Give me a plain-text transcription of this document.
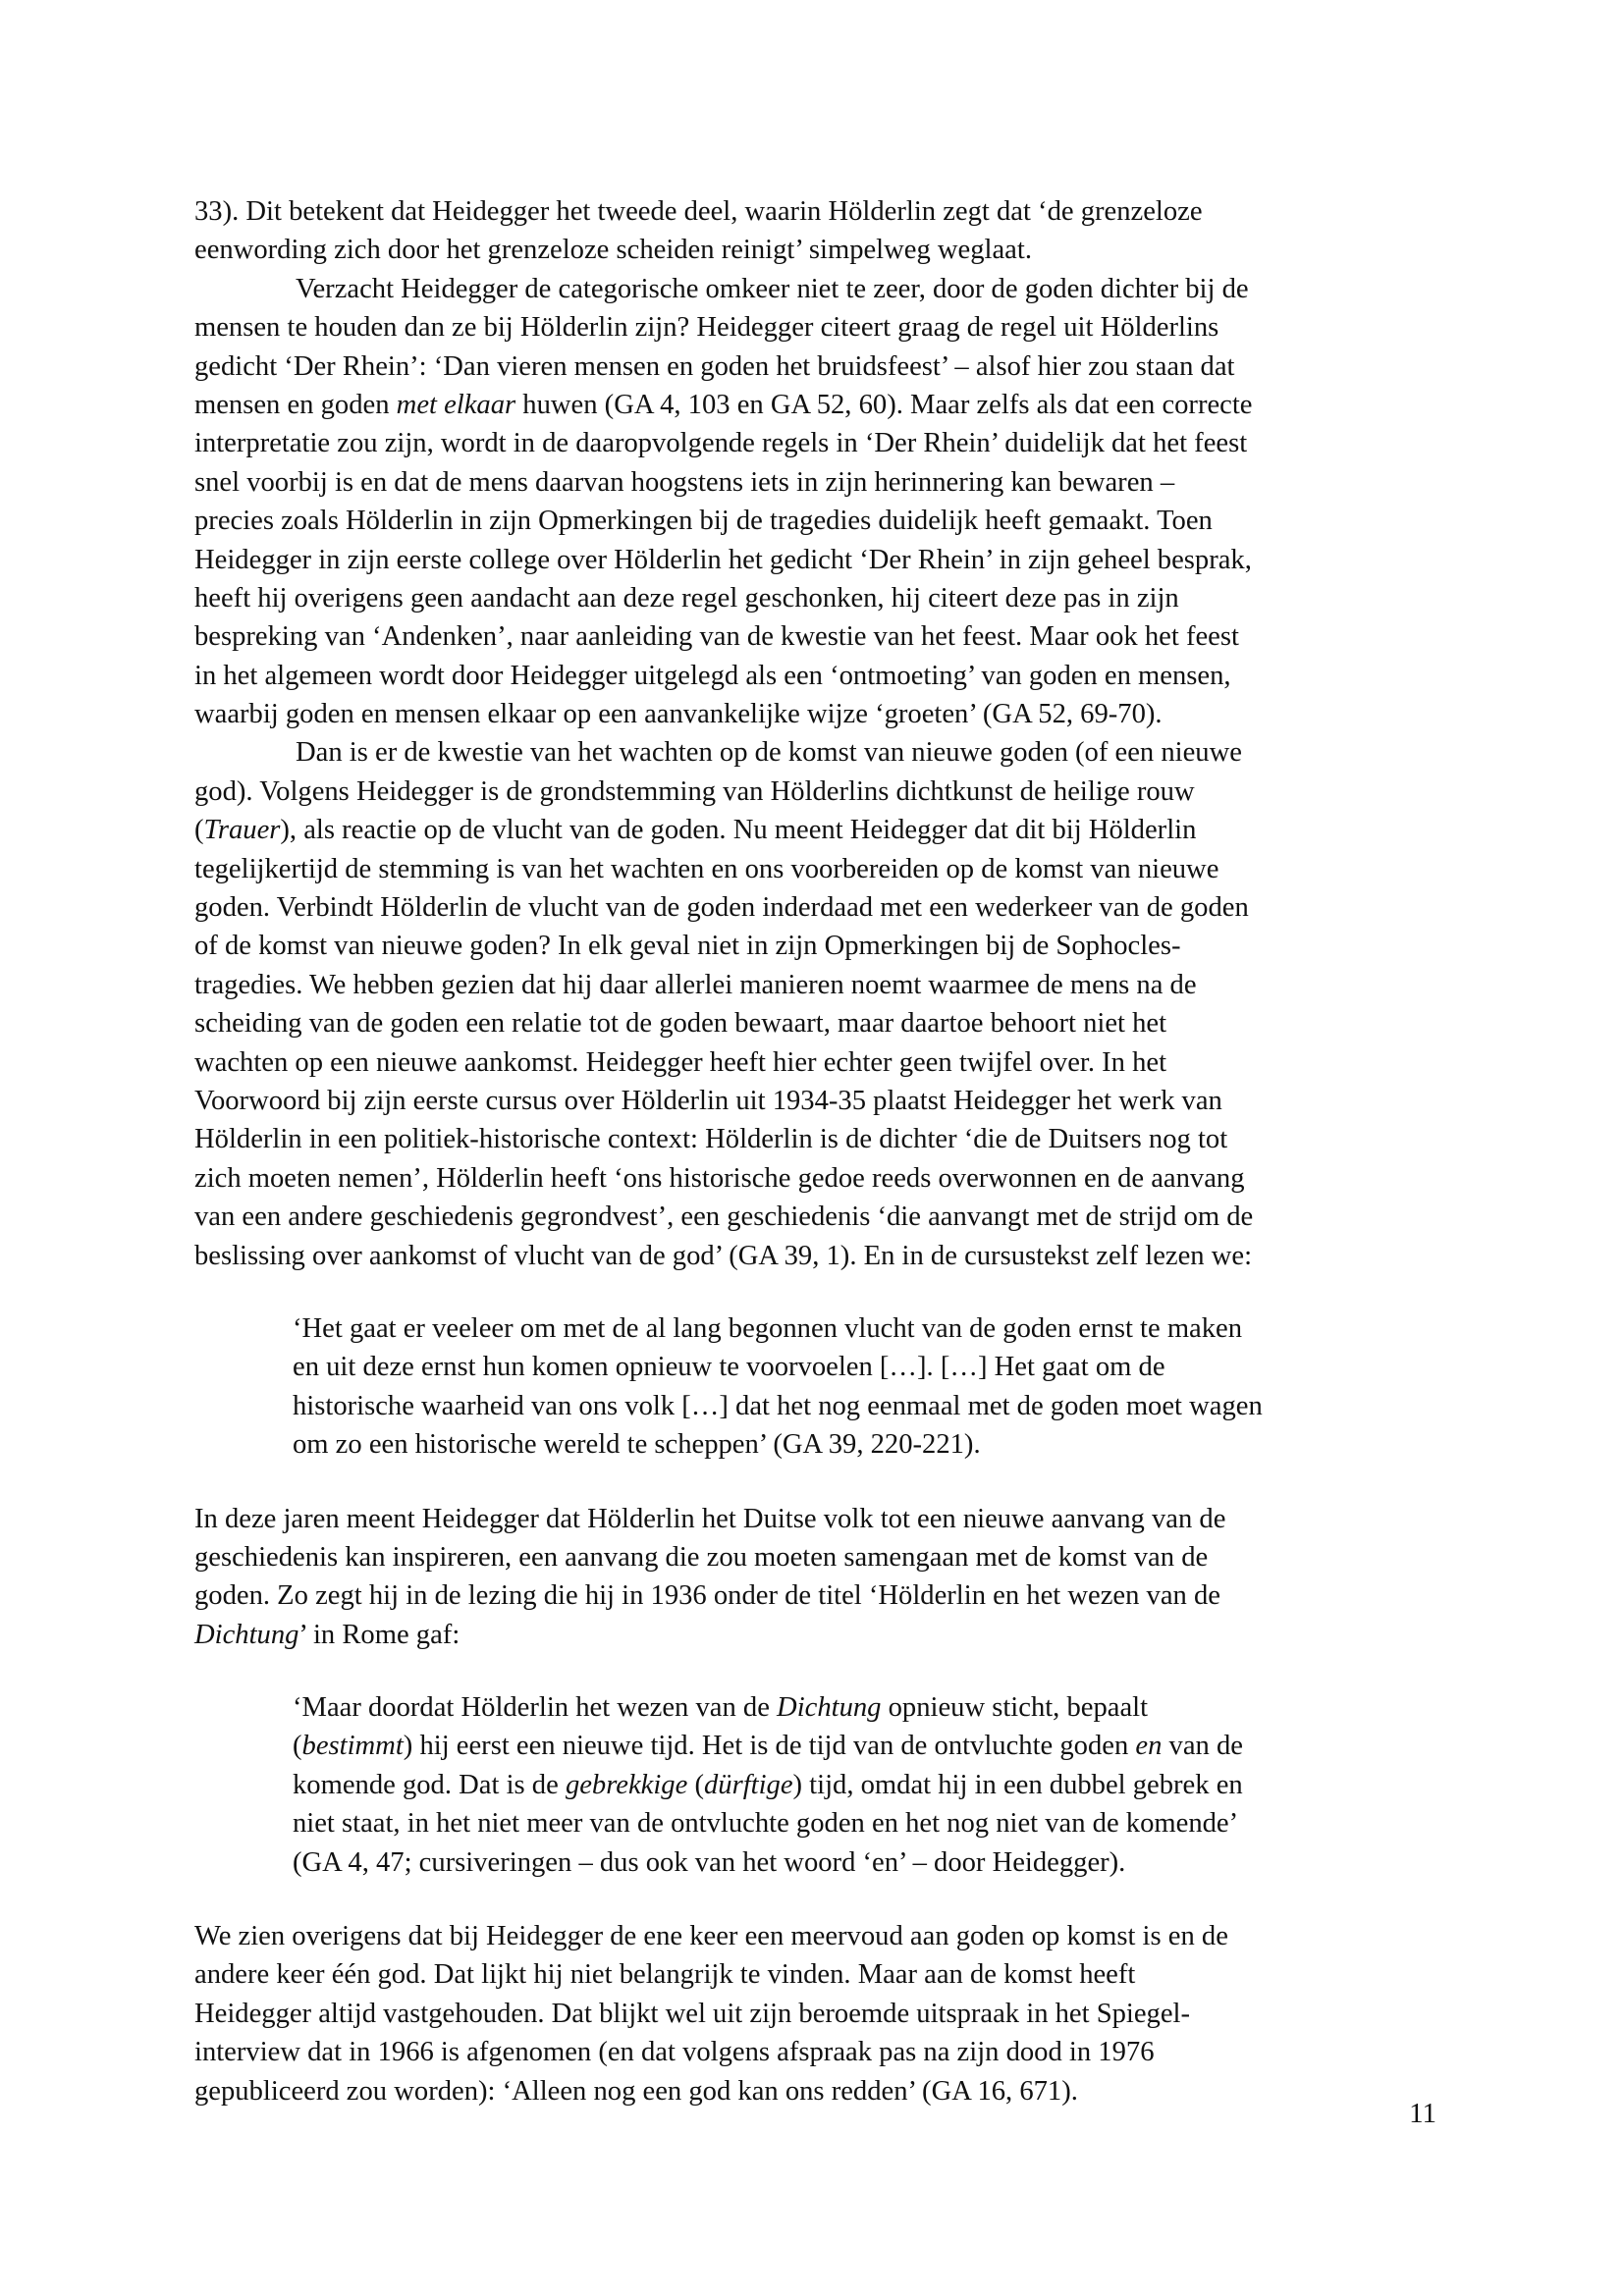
33). Dit betekent dat Heidegger het tweede deel, waarin Hölderlin zegt dat ‘de grenzeloze
eenwording zich door het grenzeloze scheiden reinigt’ simpelweg weglaat.
Verzacht Heidegger de categorische omkeer niet te zeer, door de goden dichter bij de
mensen te houden dan ze bij Hölderlin zijn? Heidegger citeert graag de regel uit Hölderlins
gedicht ‘Der Rhein’: ‘Dan vieren mensen en goden het bruidsfeest’ – alsof hier zou staan dat
mensen en goden met elkaar huwen (GA 4, 103 en GA 52, 60). Maar zelfs als dat een correcte
interpretatie zou zijn, wordt in de daaropvolgende regels in ‘Der Rhein’ duidelijk dat het feest
snel voorbij is en dat de mens daarvan hoogstens iets in zijn herinnering kan bewaren –
precies zoals Hölderlin in zijn Opmerkingen bij de tragedies duidelijk heeft gemaakt. Toen
Heidegger in zijn eerste college over Hölderlin het gedicht ‘Der Rhein’ in zijn geheel besprak,
heeft hij overigens geen aandacht aan deze regel geschonken, hij citeert deze pas in zijn
bespreking van ‘Andenken’, naar aanleiding van de kwestie van het feest. Maar ook het feest
in het algemeen wordt door Heidegger uitgelegd als een ‘ontmoeting’ van goden en mensen,
waarbij goden en mensen elkaar op een aanvankelijke wijze ‘groeten’ (GA 52, 69-70).
Dan is er de kwestie van het wachten op de komst van nieuwe goden (of een nieuwe
god). Volgens Heidegger is de grondstemming van Hölderlins dichtkunst de heilige rouw
(Trauer), als reactie op de vlucht van de goden. Nu meent Heidegger dat dit bij Hölderlin
tegelijkertijd de stemming is van het wachten en ons voorbereiden op de komst van nieuwe
goden. Verbindt Hölderlin de vlucht van de goden inderdaad met een wederkeer van de goden
of de komst van nieuwe goden? In elk geval niet in zijn Opmerkingen bij de Sophocles-
tragedies. We hebben gezien dat hij daar allerlei manieren noemt waarmee de mens na de
scheiding van de goden een relatie tot de goden bewaart, maar daartoe behoort niet het
wachten op een nieuwe aankomst. Heidegger heeft hier echter geen twijfel over. In het
Voorwoord bij zijn eerste cursus over Hölderlin uit 1934-35 plaatst Heidegger het werk van
Hölderlin in een politiek-historische context: Hölderlin is de dichter ‘die de Duitsers nog tot
zich moeten nemen’, Hölderlin heeft ‘ons historische gedoe reeds overwonnen en de aanvang
van een andere geschiedenis gegrondvest’, een geschiedenis ‘die aanvangt met de strijd om de
beslissing over aankomst of vlucht van de god’ (GA 39, 1). En in de cursustekst zelf lezen we:
‘Het gaat er veeleer om met de al lang begonnen vlucht van de goden ernst te maken
en uit deze ernst hun komen opnieuw te voorvoelen […]. […] Het gaat om de
historische waarheid van ons volk […] dat het nog eenmaal met de goden moet wagen
om zo een historische wereld te scheppen’ (GA 39, 220-221).
In deze jaren meent Heidegger dat Hölderlin het Duitse volk tot een nieuwe aanvang van de
geschiedenis kan inspireren, een aanvang die zou moeten samengaan met de komst van de
goden. Zo zegt hij in de lezing die hij in 1936 onder de titel ‘Hölderlin en het wezen van de
Dichtung’ in Rome gaf:
‘Maar doordat Hölderlin het wezen van de Dichtung opnieuw sticht, bepaalt
(bestimmt) hij eerst een nieuwe tijd. Het is de tijd van de ontvluchte goden en van de
komende god. Dat is de gebrekkige (dürftige) tijd, omdat hij in een dubbel gebrek en
niet staat, in het niet meer van de ontvluchte goden en het nog niet van de komende’
(GA 4, 47; cursiveringen – dus ook van het woord ‘en’ – door Heidegger).
We zien overigens dat bij Heidegger de ene keer een meervoud aan goden op komst is en de
andere keer één god. Dat lijkt hij niet belangrijk te vinden. Maar aan de komst heeft
Heidegger altijd vastgehouden. Dat blijkt wel uit zijn beroemde uitspraak in het Spiegel-
interview dat in 1966 is afgenomen (en dat volgens afspraak pas na zijn dood in 1976
gepubliceerd zou worden): ‘Alleen nog een god kan ons redden’ (GA 16, 671).
11
